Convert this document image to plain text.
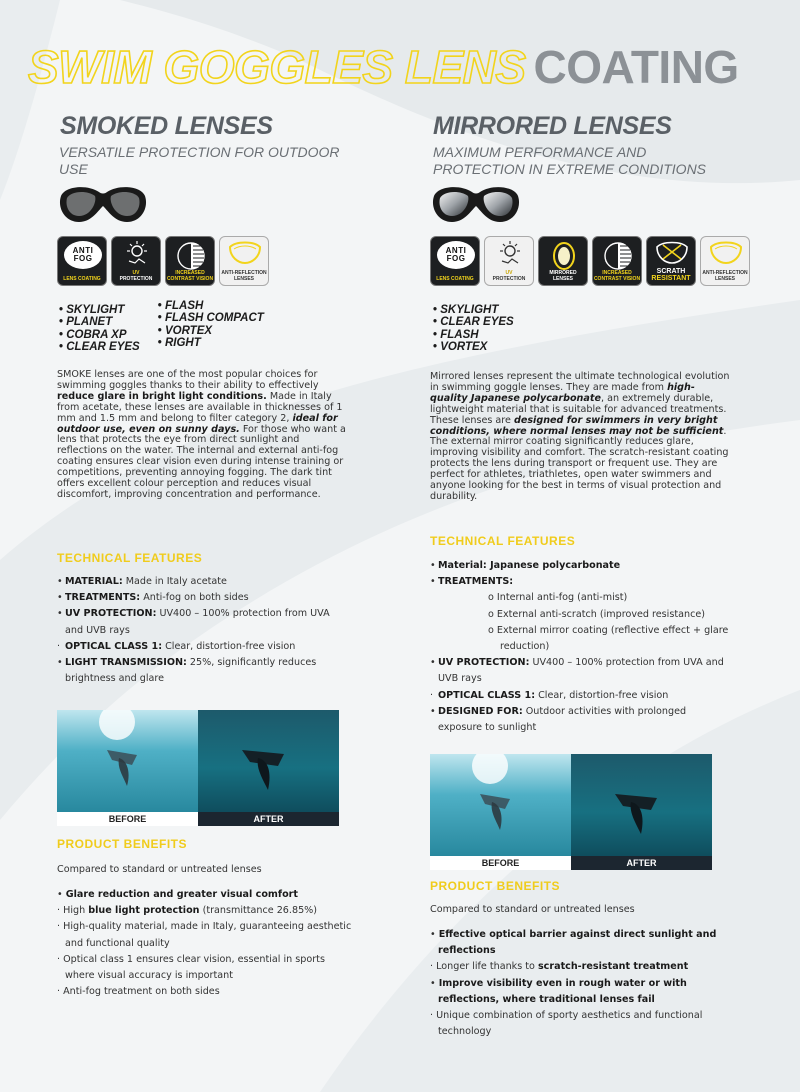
SWIM GOGGLES LENS COATING
SMOKED LENSES
VERSATILE PROTECTION FOR OUTDOOR USE
ANTI
FOG
LENS COATING
UV
PROTECTION
INCREASED CONTRAST VISION
ANTI-REFLECTION LENSES
• SKYLIGHT
• PLANET
• COBRA XP
• CLEAR EYES
• FLASH
• FLASH COMPACT
• VORTEX
• RIGHT

SMOKE lenses are one of the most popular choices for swimming goggles thanks to their ability to effectively reduce glare in bright light conditions. Made in Italy from acetate, these lenses are available in thicknesses of 1 mm and 1.5 mm and belong to filter category 2, ideal for outdoor use, even on sunny days. For those who want a lens that protects the eye from direct sunlight and reflections on the water. The internal and external anti-fog coating ensures clear vision even during intense training or competitions, preventing annoying fogging. The dark tint offers excellent colour perception and reduces visual discomfort, improving concentration and performance.

TECHNICAL FEATURES
• MATERIAL: Made in Italy acetate
• TREATMENTS: Anti-fog on both sides
• UV PROTECTION: UV400 – 100% protection from UVA and UVB rays
· OPTICAL CLASS 1: Clear, distortion-free vision
• LIGHT TRANSMISSION: 25%, significantly reduces brightness and glare
BEFORE	AFTER
PRODUCT BENEFITS
Compared to standard or untreated lenses
• Glare reduction and greater visual comfort
· High blue light protection (transmittance 26.85%)
· High-quality material, made in Italy, guaranteeing aesthetic and functional quality
· Optical class 1 ensures clear vision, essential in sports where visual accuracy is important
· Anti-fog treatment on both sides
MIRRORED LENSES
MAXIMUM PERFORMANCE AND PROTECTION IN EXTREME CONDITIONS
ANTI
FOG
LENS COATING
UV
PROTECTION
MIRRORED LENSES
INCREASED CONTRAST VISION
SCRATH
RESISTANT
ANTI-REFLECTION LENSES
• SKYLIGHT
• CLEAR EYES
• FLASH
• VORTEX

Mirrored lenses represent the ultimate technological evolution in swimming goggle lenses. They are made from high-quality Japanese polycarbonate, an extremely durable, lightweight material that is suitable for advanced treatments. These lenses are designed for swimmers in very bright conditions, where normal lenses may not be sufficient. The external mirror coating significantly reduces glare, improving visibility and comfort. The scratch-resistant coating protects the lens during transport or frequent use. They are perfect for athletes, triathletes, open water swimmers and anyone looking for the best in terms of visual protection and durability.

TECHNICAL FEATURES
• Material: Japanese polycarbonate
• TREATMENTS:
o Internal anti-fog (anti-mist)
o External anti-scratch (improved resistance)
o External mirror coating (reflective effect + glare reduction)
• UV PROTECTION: UV400 – 100% protection from UVA and UVB rays
· OPTICAL CLASS 1: Clear, distortion-free vision
• DESIGNED FOR: Outdoor activities with prolonged exposure to sunlight
BEFORE	AFTER
PRODUCT BENEFITS
Compared to standard or untreated lenses
• Effective optical barrier against direct sunlight and reflections
· Longer life thanks to scratch-resistant treatment
• Improve visibility even in rough water or with reflections, where traditional lenses fail
· Unique combination of sporty aesthetics and functional technology
